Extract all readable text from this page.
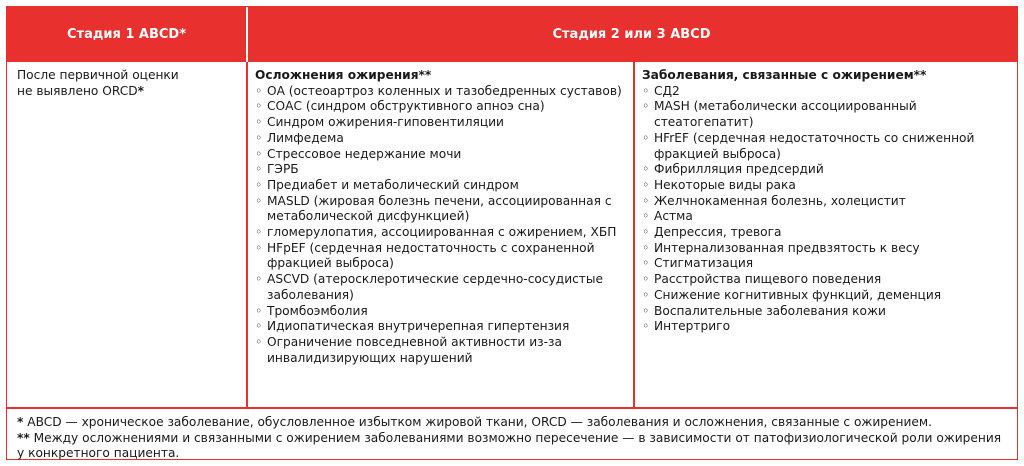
Стадия 1 ABCD*	Стадия 2 или 3 ABCD
После первичной оценки
не выявлено ORCD*
Осложнения ожирения**
◦ ОА (остеоартроз коленных и тазобедренных суставов)
◦ СОАС (синдром обструктивного апноэ сна)
◦ Синдром ожирения-гиповентиляции
◦ Лимфедема
◦ Стрессовое недержание мочи
◦ ГЭРБ
◦ Предиабет и метаболический синдром
◦ MASLD (жировая болезнь печени, ассоциированная с метаболической дисфункцией)
◦ гломерулопатия, ассоциированная с ожирением, ХБП
◦ HFpEF (сердечная недостаточность с сохраненной фракцией выброса)
◦ ASCVD (атеросклеротические сердечно-сосудистые заболевания)
◦ Тромбоэмболия
◦ Идиопатическая внутричерепная гипертензия
◦ Ограничение повседневной активности из-за инвалидизирующих нарушений
Заболевания, связанные с ожирением**
◦ СД2
◦ MASH (метаболически ассоциированный стеатогепатит)
◦ HFrEF (сердечная недостаточность со сниженной фракцией выброса)
◦ Фибрилляция предсердий
◦ Некоторые виды рака
◦ Желчнокаменная болезнь, холецистит
◦ Астма
◦ Депрессия, тревога
◦ Интернализованная предвзятость к весу
◦ Стигматизация
◦ Расстройства пищевого поведения
◦ Снижение когнитивных функций, деменция
◦ Воспалительные заболевания кожи
◦ Интертриго
* ABCD — хроническое заболевание, обусловленное избытком жировой ткани, ORCD — заболевания и осложнения, связанные с ожирением.
** Между осложнениями и связанными с ожирением заболеваниями возможно пересечение — в зависимости от патофизиологической роли ожирения у конкретного пациента.
